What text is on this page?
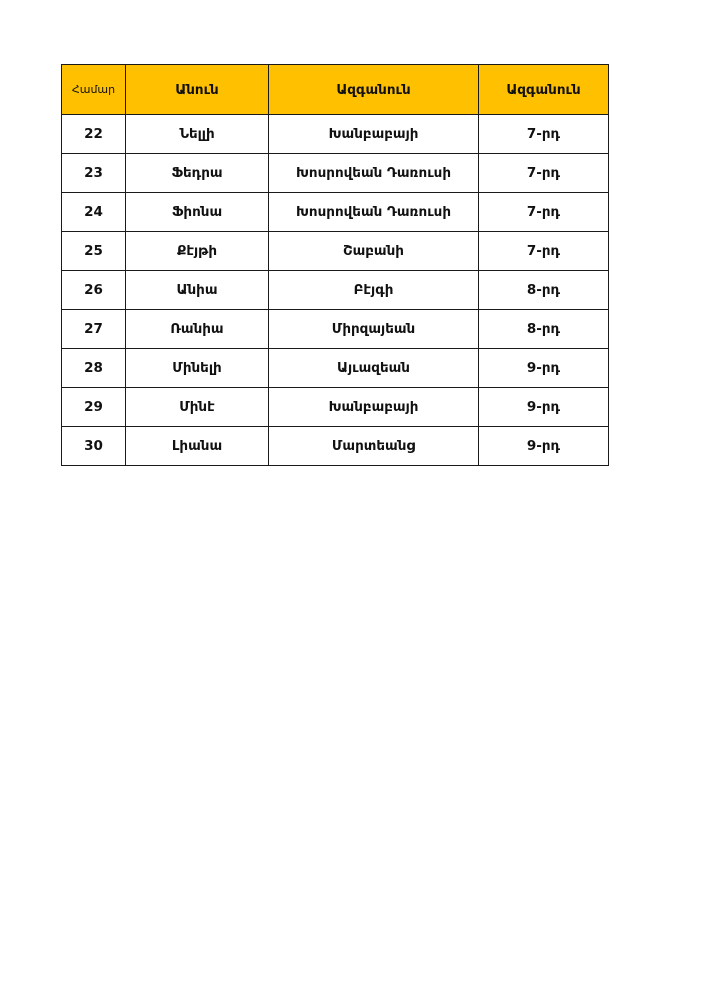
Համար	Անուն	Ազգանուն	Ազգանուն
22	Նելլի	Խանբաբայի	7-րդ
23	Ֆեդրա	Խոսրովեան Դառուսի	7-րդ
24	Ֆիոնա	Խոսրովեան Դառուսի	7-րդ
25	Քէյթի	Շաբանի	7-րդ
26	Անիա	Բէյգի	8-րդ
27	Ռանիա	Միրզայեան	8-րդ
28	Մինելի	Այւազեան	9-րդ
29	Մինէ	Խանբաբայի	9-րդ
30	Լիանա	Մարտեանց	9-րդ
